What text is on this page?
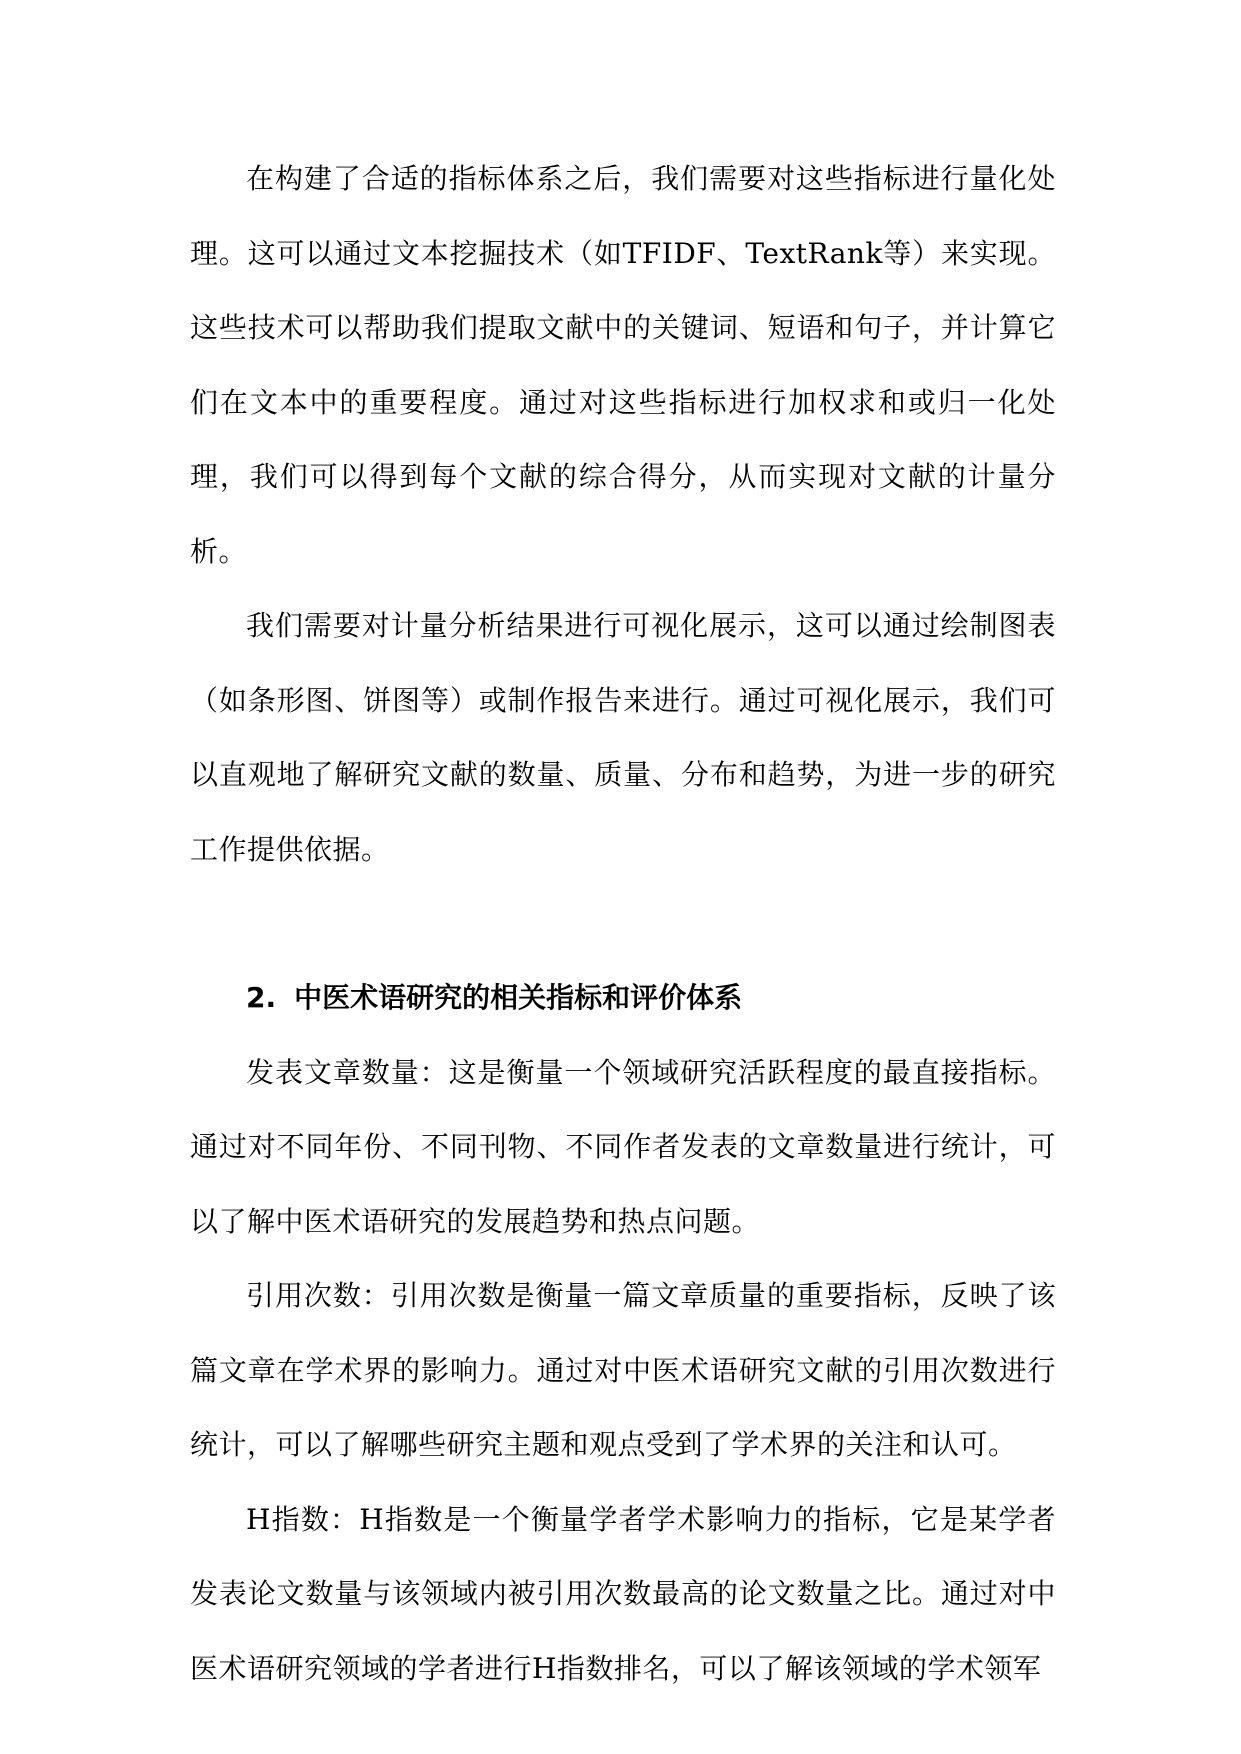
在构建了合适的指标体系之后，我们需要对这些指标进行量化处理。这可以通过文本挖掘技术（如TFIDF、TextRank等）来实现。这些技术可以帮助我们提取文献中的关键词、短语和句子，并计算它们在文本中的重要程度。通过对这些指标进行加权求和或归一化处理，我们可以得到每个文献的综合得分，从而实现对文献的计量分析。

我们需要对计量分析结果进行可视化展示，这可以通过绘制图表（如条形图、饼图等）或制作报告来进行。通过可视化展示，我们可以直观地了解研究文献的数量、质量、分布和趋势，为进一步的研究工作提供依据。

2. 中医术语研究的相关指标和评价体系

发表文章数量：这是衡量一个领域研究活跃程度的最直接指标。通过对不同年份、不同刊物、不同作者发表的文章数量进行统计，可以了解中医术语研究的发展趋势和热点问题。

引用次数：引用次数是衡量一篇文章质量的重要指标，反映了该篇文章在学术界的影响力。通过对中医术语研究文献的引用次数进行统计，可以了解哪些研究主题和观点受到了学术界的关注和认可。

H指数：H指数是一个衡量学者学术影响力的指标，它是某学者发表论文数量与该领域内被引用次数最高的论文数量之比。通过对中医术语研究领域的学者进行H指数排名，可以了解该领域的学术领军
